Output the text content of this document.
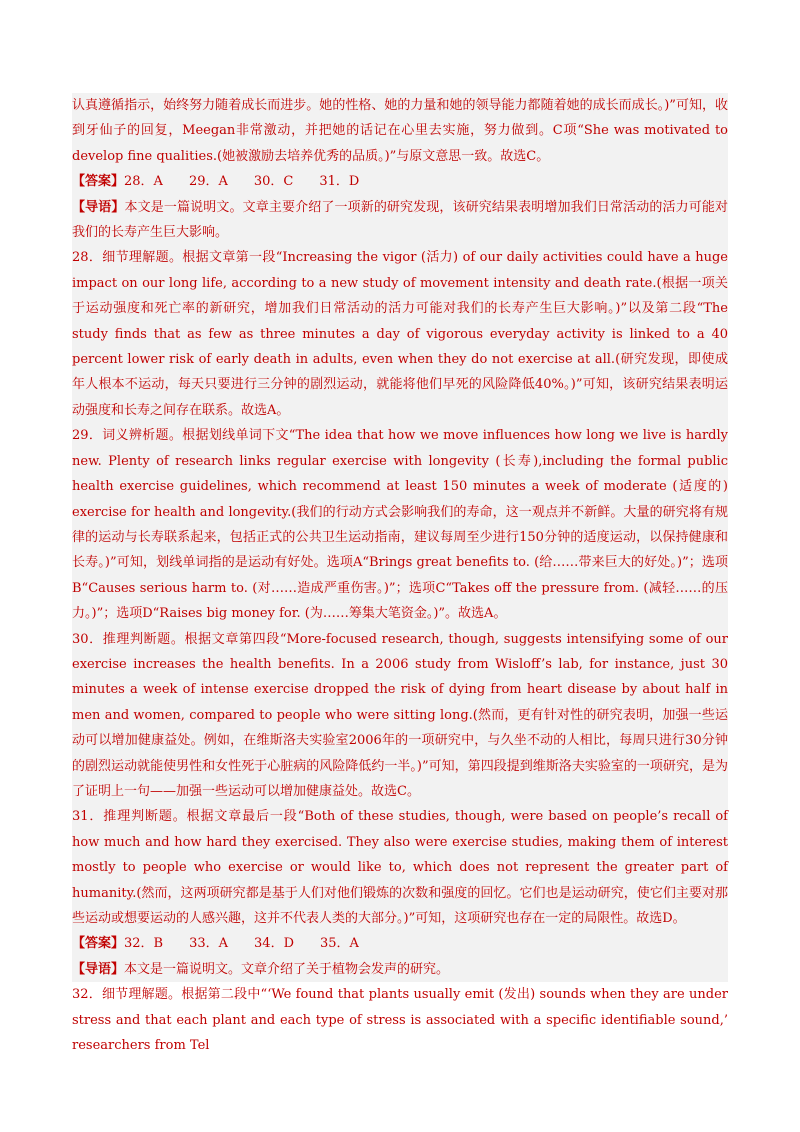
认真遵循指示，始终努力随着成长而进步。她的性格、她的力量和她的领导能力都随着她的成长而成长。)”可知，收到牙仙子的回复，Meegan非常激动，并把她的话记在心里去实施，努力做到。C项“She was motivated to develop fine qualities.(她被激励去培养优秀的品质。)”与原文意思一致。故选C。

【答案】28．A　　29．A　　30．C　　31．D

【导语】本文是一篇说明文。文章主要介绍了一项新的研究发现，该研究结果表明增加我们日常活动的活力可能对我们的长寿产生巨大影响。

28．细节理解题。根据文章第一段“Increasing the vigor (活力) of our daily activities could have a huge impact on our long life, according to a new study of movement intensity and death rate.(根据一项关于运动强度和死亡率的新研究，增加我们日常活动的活力可能对我们的长寿产生巨大影响。)”以及第二段“The study finds that as few as three minutes a day of vigorous everyday activity is linked to a 40 percent lower risk of early death in adults, even when they do not exercise at all.(研究发现，即使成年人根本不运动，每天只要进行三分钟的剧烈运动，就能将他们早死的风险降低40%。)”可知，该研究结果表明运动强度和长寿之间存在联系。故选A。

29．词义辨析题。根据划线单词下文“The idea that how we move influences how long we live is hardly new. Plenty of research links regular exercise with longevity (长寿),including the formal public health exercise guidelines, which recommend at least 150 minutes a week of moderate (适度的) exercise for health and longevity.(我们的行动方式会影响我们的寿命，这一观点并不新鲜。大量的研究将有规律的运动与长寿联系起来，包括正式的公共卫生运动指南，建议每周至少进行150分钟的适度运动，以保持健康和长寿。)”可知，划线单词指的是运动有好处。选项A“Brings great benefits to. (给……带来巨大的好处。)”；选项B“Causes serious harm to. (对……造成严重伤害。)”；选项C“Takes off the pressure from. (减轻……的压力。)”；选项D“Raises big money for. (为……筹集大笔资金。)”。故选A。

30．推理判断题。根据文章第四段“More-focused research, though, suggests intensifying some of our exercise increases the health benefits. In a 2006 study from Wisloff’s lab, for instance, just 30 minutes a week of intense exercise dropped the risk of dying from heart disease by about half in men and women, compared to people who were sitting long.(然而，更有针对性的研究表明，加强一些运动可以增加健康益处。例如，在维斯洛夫实验室2006年的一项研究中，与久坐不动的人相比，每周只进行30分钟的剧烈运动就能使男性和女性死于心脏病的风险降低约一半。)”可知，第四段提到维斯洛夫实验室的一项研究，是为了证明上一句——加强一些运动可以增加健康益处。故选C。

31．推理判断题。根据文章最后一段“Both of these studies, though, were based on people’s recall of how much and how hard they exercised. They also were exercise studies, making them of interest mostly to people who exercise or would like to, which does not represent the greater part of humanity.(然而，这两项研究都是基于人们对他们锻炼的次数和强度的回忆。它们也是运动研究，使它们主要对那些运动或想要运动的人感兴趣，这并不代表人类的大部分。)”可知，这项研究也存在一定的局限性。故选D。

【答案】32．B　　33．A　　34．D　　35．A

【导语】本文是一篇说明文。文章介绍了关于植物会发声的研究。

32．细节理解题。根据第二段中“‘We found that plants usually emit (发出) sounds when they are under stress and that each plant and each type of stress is associated with a specific identifiable sound,’ researchers from Tel
